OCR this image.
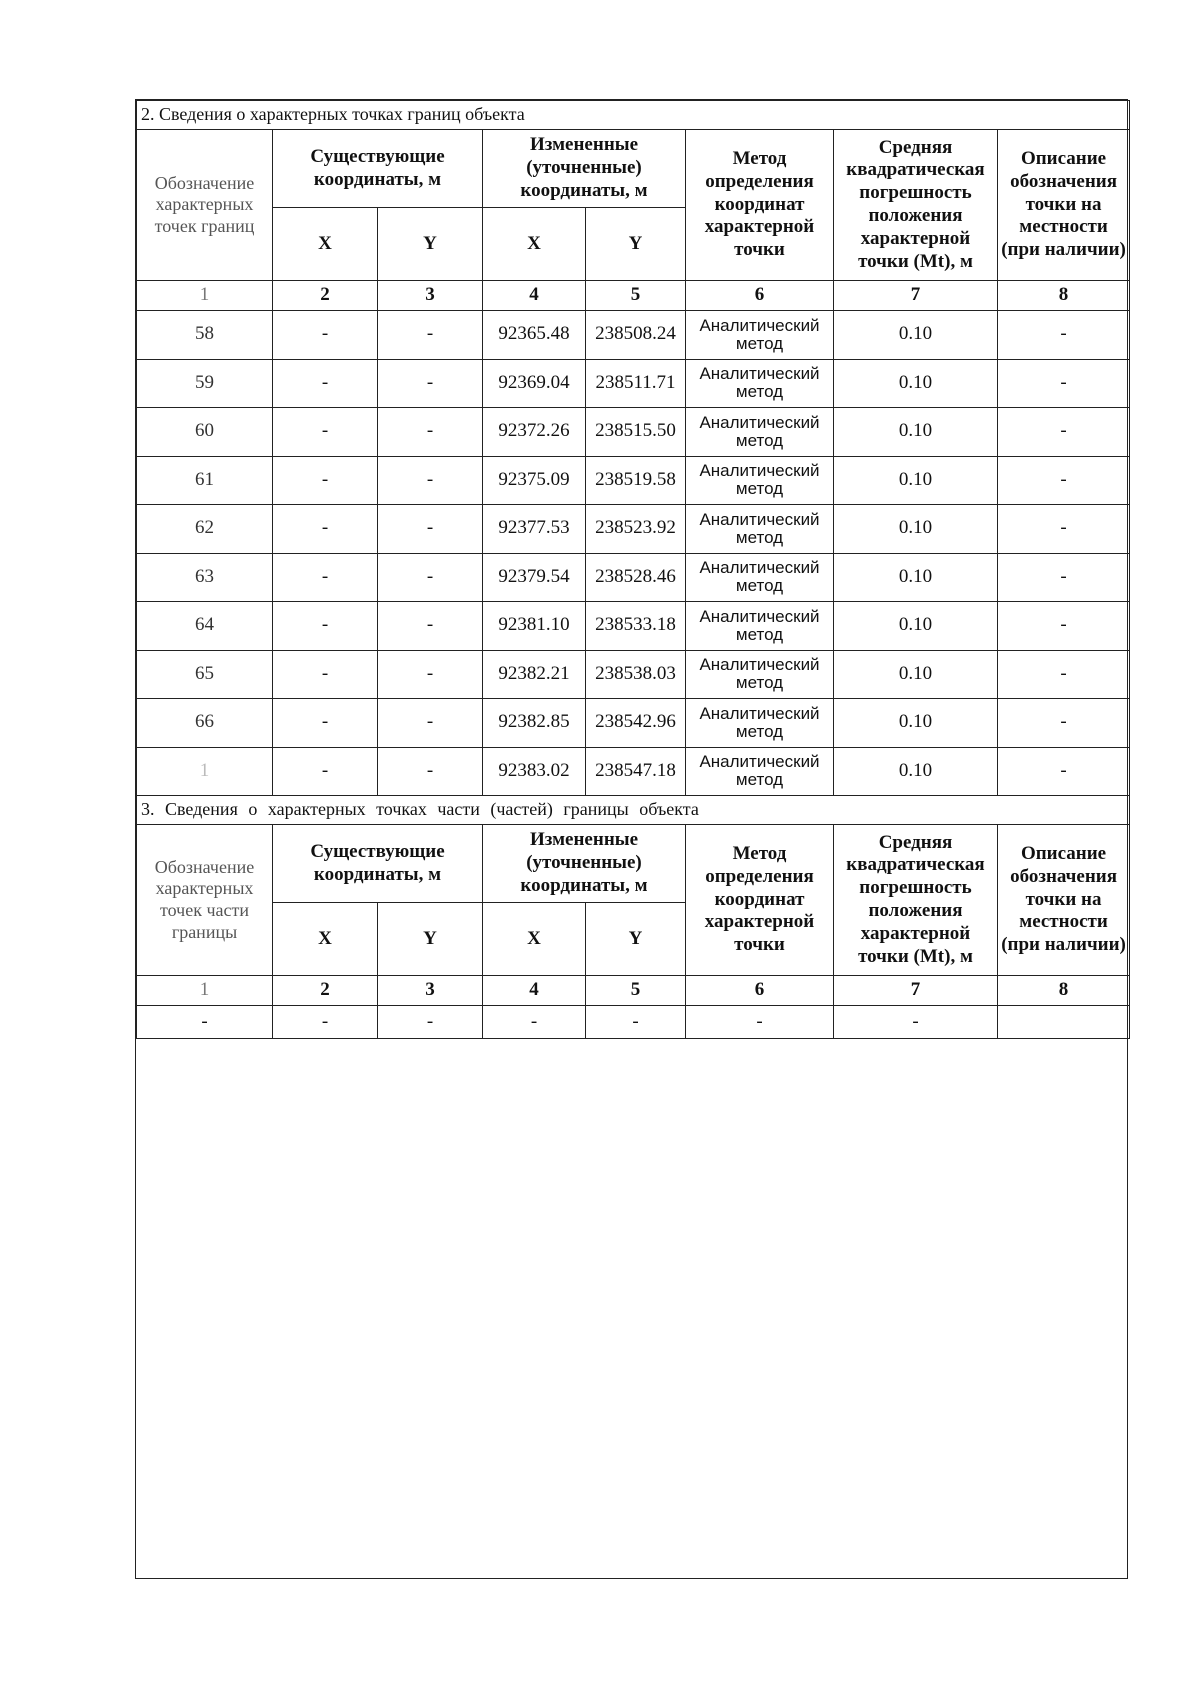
2. Сведения о характерных точках границ объекта							
Обозначение характерных точек границ	Существующие координаты, м		Измененные (уточненные) координаты, м		Метод определения координат характерной точки	Средняя квадратическая погрешность положения характерной точки (Mt), м	Описание обозначения точки на местности (при наличии)
	X	Y	X	Y			
1	2	3	4	5	6	7	8
58	-	-	92365.48	238508.24	Аналитический метод	0.10	-
59	-	-	92369.04	238511.71	Аналитический метод	0.10	-
60	-	-	92372.26	238515.50	Аналитический метод	0.10	-
61	-	-	92375.09	238519.58	Аналитический метод	0.10	-
62	-	-	92377.53	238523.92	Аналитический метод	0.10	-
63	-	-	92379.54	238528.46	Аналитический метод	0.10	-
64	-	-	92381.10	238533.18	Аналитический метод	0.10	-
65	-	-	92382.21	238538.03	Аналитический метод	0.10	-
66	-	-	92382.85	238542.96	Аналитический метод	0.10	-
1	-	-	92383.02	238547.18	Аналитический метод	0.10	-
3. Сведения о характерных точках части (частей) границы объекта							
Обозначение характерных точек части границы	Существующие координаты, м		Измененные (уточненные) координаты, м		Метод определения координат характерной точки	Средняя квадратическая погрешность положения характерной точки (Mt), м	Описание обозначения точки на местности (при наличии)
	X	Y	X	Y			
1	2	3	4	5	6	7	8
-	-	-	-	-	-	-	
